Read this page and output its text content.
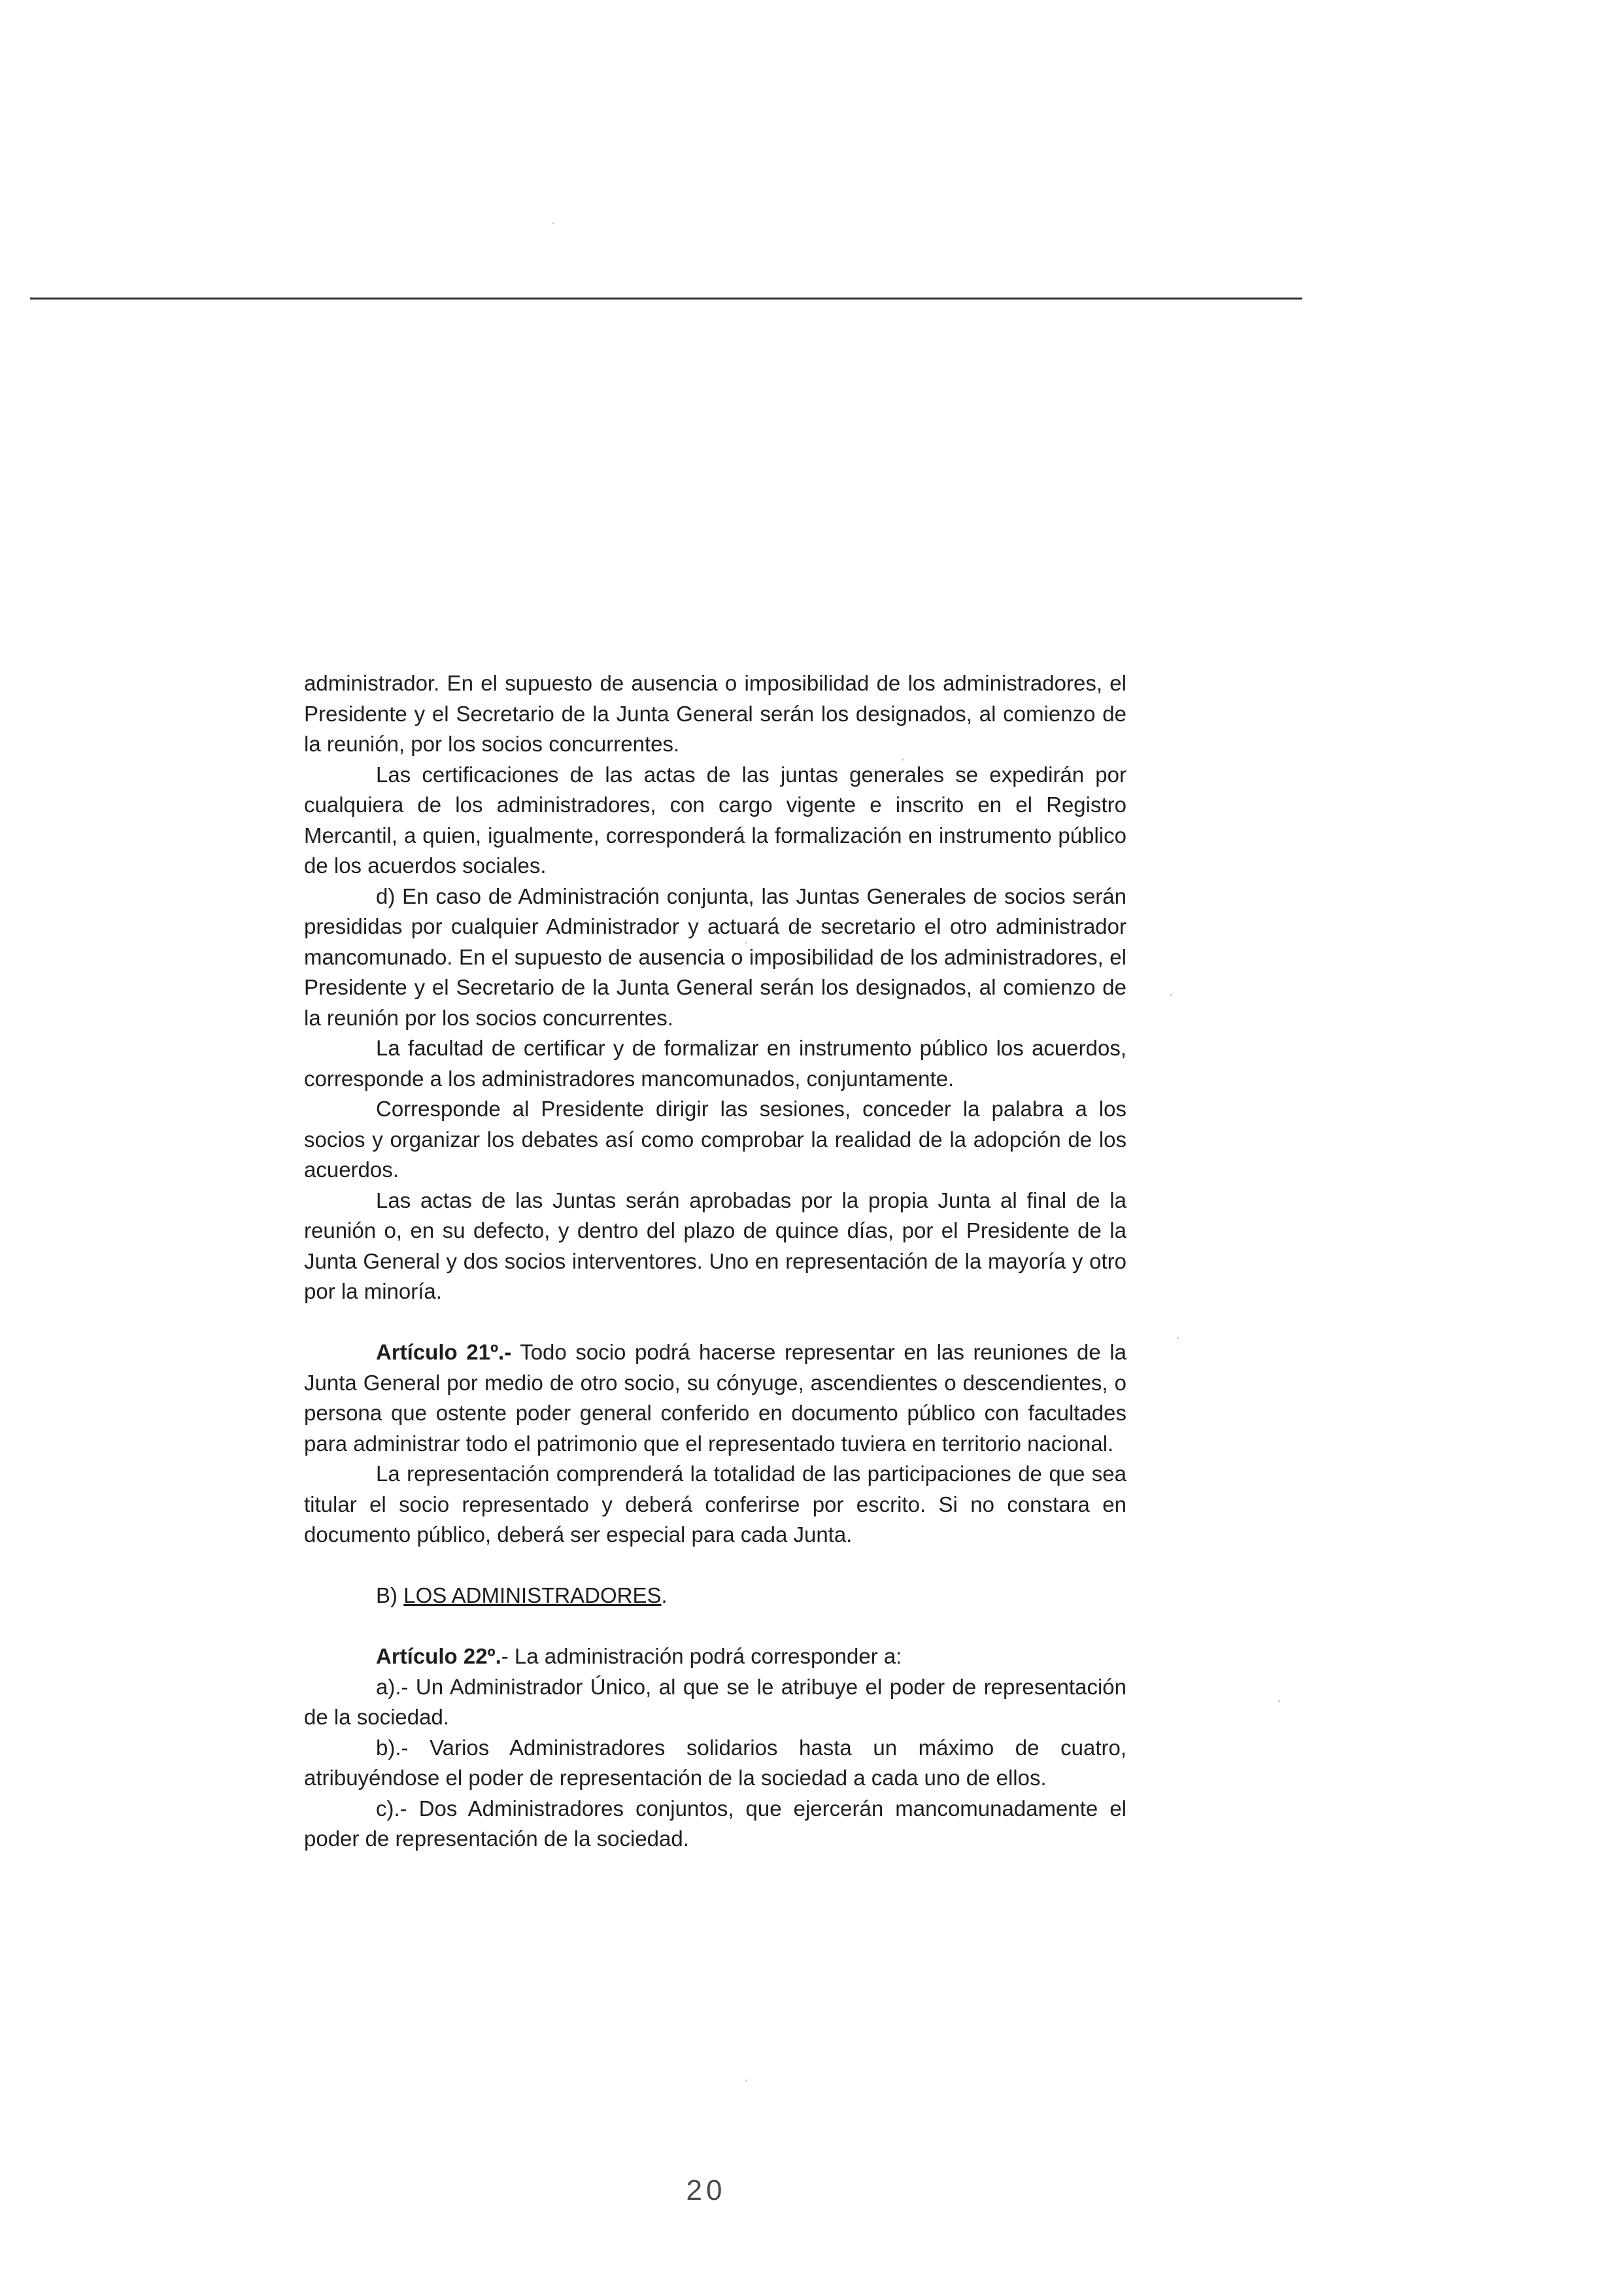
administrador. En el supuesto de ausencia o imposibilidad de los administradores, el Presidente y el Secretario de la Junta General serán los designados, al comienzo de la reunión, por los socios concurrentes.

Las certificaciones de las actas de las juntas generales se expedirán por cualquiera de los administradores, con cargo vigente e inscrito en el Registro Mercantil, a quien, igualmente, corresponderá la formalización en instrumento público de los acuerdos sociales.

d) En caso de Administración conjunta, las Juntas Generales de socios serán presididas por cualquier Administrador y actuará de secretario el otro administrador mancomunado. En el supuesto de ausencia o imposibilidad de los administradores, el Presidente y el Secretario de la Junta General serán los designados, al comienzo de la reunión por los socios concurrentes.

La facultad de certificar y de formalizar en instrumento público los acuerdos, corresponde a los administradores mancomunados, conjuntamente.

Corresponde al Presidente dirigir las sesiones, conceder la palabra a los socios y organizar los debates así como comprobar la realidad de la adopción de los acuerdos.

Las actas de las Juntas serán aprobadas por la propia Junta al final de la reunión o, en su defecto, y dentro del plazo de quince días, por el Presidente de la Junta General y dos socios interventores. Uno en representación de la mayoría y otro por la minoría.

Artículo 21º.- Todo socio podrá hacerse representar en las reuniones de la Junta General por medio de otro socio, su cónyuge, ascendientes o descendientes, o persona que ostente poder general conferido en documento público con facultades para administrar todo el patrimonio que el representado tuviera en territorio nacional.

La representación comprenderá la totalidad de las participaciones de que sea titular el socio representado y deberá conferirse por escrito. Si no constara en documento público, deberá ser especial para cada Junta.

B) LOS ADMINISTRADORES.

Artículo 22º.- La administración podrá corresponder a:

a).- Un Administrador Único, al que se le atribuye el poder de representación de la sociedad.

b).- Varios Administradores solidarios hasta un máximo de cuatro, atribuyéndose el poder de representación de la sociedad a cada uno de ellos.

c).- Dos Administradores conjuntos, que ejercerán mancomunadamente el poder de representación de la sociedad.

20
